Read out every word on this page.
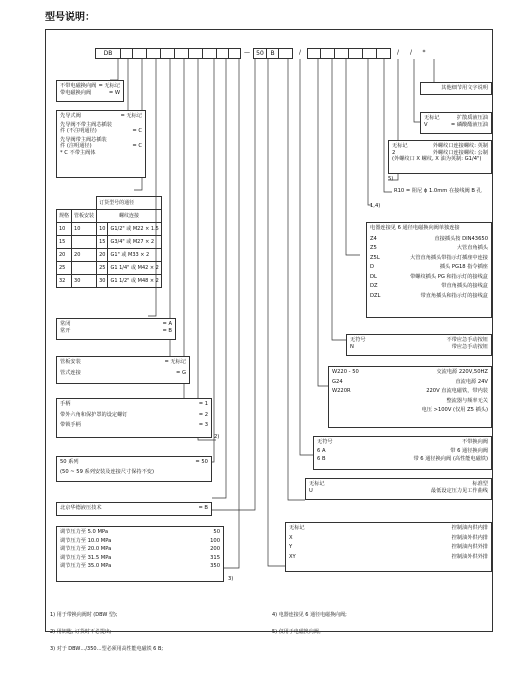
型号说明：
DB	—	50	B	/	/	/	*
其他细节用文字说明
无标记	扩散质液压油
V	= 磷酸酯液压油
无标记	外螺纹口连接螺纹: 英制
2	外螺纹口连接螺纹: 公制
(外螺纹口 X 螺纹, X 油为英制: G1/4")
5)
R10 = 阻尼 ϕ 1.0mm 在接线阀 B 孔
1,4)
电器连接见 6 通径电磁换向阀单独连接
Z4	直接插头按 DIN43650
Z5	大管直角插头
Z5L	大管直角插头带指示灯插座中连接
D	插头 PG18 指令插座
DL	带螺纹插头 PG 和指示灯的接线盒
DZ	带直角插头的接线盒
DZL	带直角插头和指示灯的接线盒
无符号	不带应急手动按钮
N	带应急手动按钮
W220 - 50	交流电源 220V,50HZ
G24	直流电源 24V
W220R	220V 直流电磁铁，带内装
整流器与频率无关
电压 >100V (仅用 Z5 插头)
无符号	不带换向阀
6 A	带 6 通径换向阀
6 B	带 6 通径换向阀 (高性能电磁铁)
无标记	标准型
U	最低设定压力见工作曲线
无标记	控制油内供内排
X	控制油外供内排
Y	控制油内供外排
XY	控制油外供外排
不带电磁换向阀 = 无标记
带电磁换向阀	= W
先导式阀	= 无标记
先导阀不带主阀芯插装
件 (不注明通径)	= C
先导阀带主阀芯插装
件 (注明通径)	= C
* C 不带主阀体
		订货型号的通径	
规格	管板安装	螺纹连接	
10	10	10	G1/2" 或 M22 × 1.5
15		15	G3/4" 或 M27 × 2
20	20	20	G1" 或 M33 × 2
25		25	G1 1/4" 或 M42 × 2
32	30	30	G1 1/2" 或 M48 × 2
常闭	= A
常开	= B
管板安装	= 无标记
管式连接	= G
手柄	= 1
带外六角和保护罩的设定螺钉	= 2
带锁手柄	= 3
2)
50 系列	= 50
(50 ~ 59 系列安装及连接尺寸保持不变)
北京华德液压技术	= B
调节压力至 5.0 MPa	50
调节压力至 10.0 MPa	100
调节压力至 20.0 MPa	200
调节压力至 31.5 MPa	315
调节压力至 35.0 MPa	350
3)
1) 用于带换向阀时 (DBW 型);
2) 用钥匙, 订货时不必提出;
3) 对于 DBW…/350…型必须用高性能电磁铁 6 B;
4) 电器连接见 6 通径电磁换向阀;
5) 仅用于电磁换向阀。
